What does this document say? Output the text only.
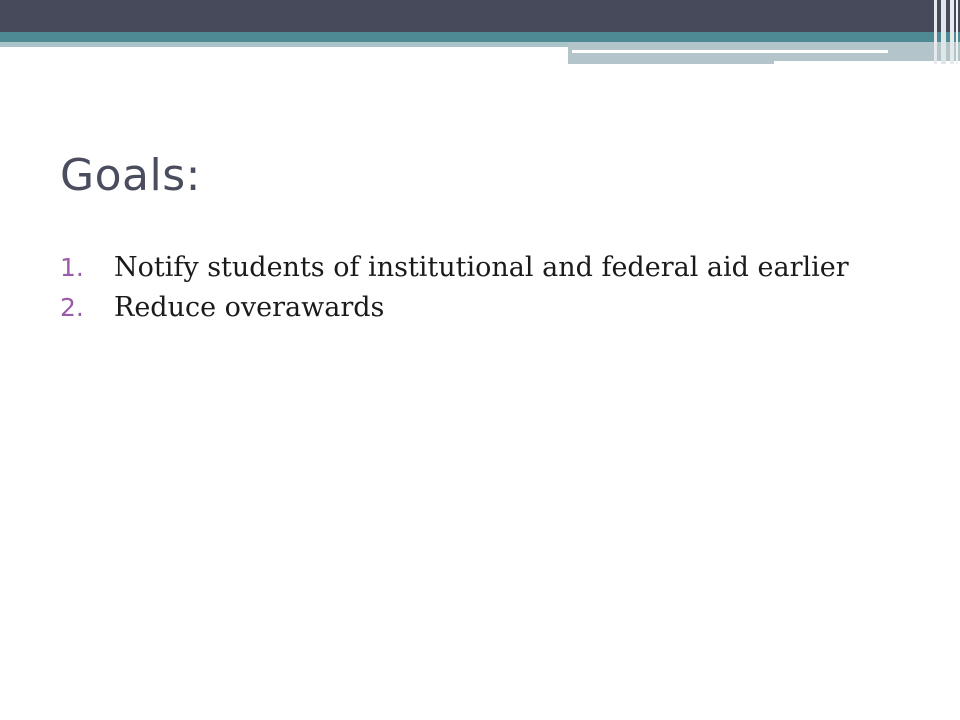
Goals:
1.	Notify students of institutional and federal aid earlier
2.	Reduce overawards
